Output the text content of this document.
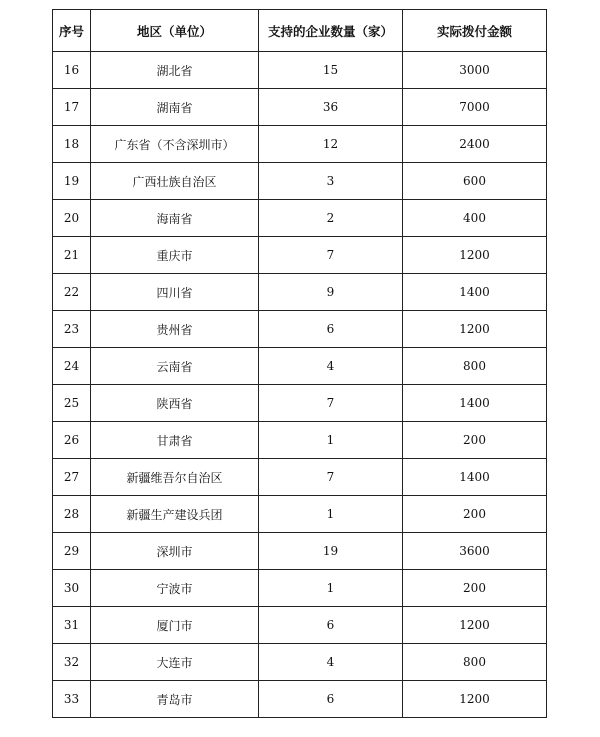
序号	地区（单位）	支持的企业数量（家）	实际拨付金额
16	湖北省	15	3000
17	湖南省	36	7000
18	广东省（不含深圳市）	12	2400
19	广西壮族自治区	3	600
20	海南省	2	400
21	重庆市	7	1200
22	四川省	9	1400
23	贵州省	6	1200
24	云南省	4	800
25	陕西省	7	1400
26	甘肃省	1	200
27	新疆维吾尔自治区	7	1400
28	新疆生产建设兵团	1	200
29	深圳市	19	3600
30	宁波市	1	200
31	厦门市	6	1200
32	大连市	4	800
33	青岛市	6	1200
